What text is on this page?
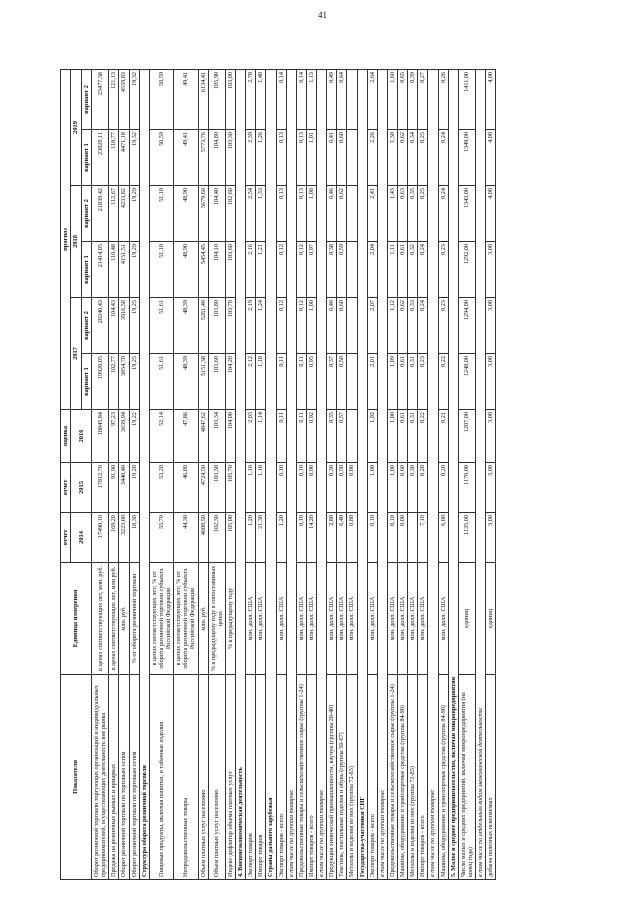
41
Показатели	Единица измерения	отчет	отчет	оценка	прогноз					
		2014	2015	2016	2017		2018		2019	
					вариант 1	вариант 2	вариант 1	вариант 2	вариант 1	вариант 2
Оборот розничной торговли торгующих организаций и индивидуальных предпринимателей, осуществляющих деятельность вне рынка	в ценах соответствующих лет, млн. руб.	17490,10	17812,70	18845,84	19920,05	20240,43	21414,05	21839,42	23020,11	23477,38
Продажа на розничных рынках и ярмарках	в ценах соответствующих лет, млн руб.	169,20	91,90	97,23	102,77	104,43	110,48	112,67	118,77	121,13
Оборот розничной торговли по торговым сетям	млн. руб.	3223,00	3440,40	3639,94	3854,70	3916,58	4151,51	4233,82	4471,18	4559,83
Оборот розничной торговли по торговым сетям	% от оборота розничной торговли	18,30	19,20	19,22	19,25	19,25	19,29	19,29	19,32	19,32
Структура оборота розничной торговли										
Пищевые продукты, включая напитки, и табачные изделия	в ценах соответствующих лет; % от оборота розничной торговли субъекта Российской Федерации	55,70	53,20	52,14	51,61	51,61	51,10	51,10	50,59	50,59
Непродовольственные товары	в ценах соответствующих лет; % от оборота розничной торговли субъекта Российской Федерации	44,30	46,80	47,86	48,39	48,39	48,90	48,90	49,41	49,41
Объем платных услуг населению	млн. руб.	4608,50	4724,50	4847,62	5151,38	5261,40	5454,45	5679,60	5773,76	6134,41
Объем платных услуг населению	% к предыдущему году в сопоставимых ценах	102,30	103,30	103,34	103,60	103,80	104,10	104,40	104,80	105,90
Индекс-дефлятор объема платных услуг	% к предыдущему году	105,00	105,70	104,00	104,20	103,70	103,60	102,60	103,30	103,00
4. Внешнеэкономическая деятельность										
Экспорт товаров	млн. долл. США	1,20	1,10	2,03	2,12	2,19	2,16	2,54	2,39	2,78
Импорт товаров	млн. долл. США	21,30	1,10	1,14	1,18	1,24	1,21	1,33	1,26	1,40
Страны дальнего зарубежья										
Экспорт товаров - всего	млн. долл. США	1,20	0,10	0,11	0,11	0,12	0,12	0,13	0,13	0,14
в том числе по группам товаров:										
Продовольственные товары и сельскохозяйственное сырье (группы 1-24)	млн. долл. США	0,10	0,10	0,11	0,11	0,12	0,12	0,13	0,13	0,14
Импорт товаров - всего	млн. долл. США	14,20	0,90	0,92	0,95	1,00	0,97	1,08	1,01	1,13
в том числе по группам товаров:										
Продукция химической промышленности, каучук (группы 28-40)	млн. долл. США	2,80	0,30	0,35	0,37	0,40	0,38	0,46	0,41	0,49
Текстиль, текстильные изделия и обувь (группы 50-67)	млн. долл. США	6,40	0,50	0,57	0,58	0,60	0,59	0,62	0,60	0,64
Металлы и изделия из них (группы 72-83)	млн. долл. США	0,80	0,00							
Государства-участники СНГ										
Экспорт товаров - всего	млн. долл. США	0,10	1,00	1,92	2,01	2,07	2,04	2,41	2,26	2,64
в том числе по группам товаров:										
Продовольственные товары и сельскохозяйственное сырье (группы 1-24)	млн. долл. США	0,10	1,00	1,00	1,09	1,12	1,11	1,43	1,30	1,60
Машины, оборудование и транспортные средства (группы 84-90)	млн. долл. США	0,00	0,60	0,61	0,61	0,62	0,61	0,63	0,62	0,65
Металлы и изделия из них (группы 72-83)	млн. долл. США		0,30	0,31	0,31	0,33	0,32	0,35	0,34	0,39
Импорт товаров - всего	млн. долл. США	7,10	0,20	0,22	0,23	0,24	0,24	0,25	0,25	0,27
в том числе по группам товаров:										
Машины, оборудование и транспортные средства (группы 84-90)	млн. долл. США	6,00	0,20	0,21	0,22	0,23	0,23	0,24	0,24	0,26
5. Малое и среднее предпринимательство, включая микропредприятия										
Число малых и средних предприятий, включая микропредприятия (на конец года)	единиц	1135,00	1170,00	1207,00	1248,00	1294,00	1292,00	1343,00	1349,00	1411,00
в том числе по отдельным видам экономической деятельности:										
добыча полезных ископаемых	единиц	3,00	3,00	3,00	3,00	3,00	3,00	4,00	4,00	4,00
